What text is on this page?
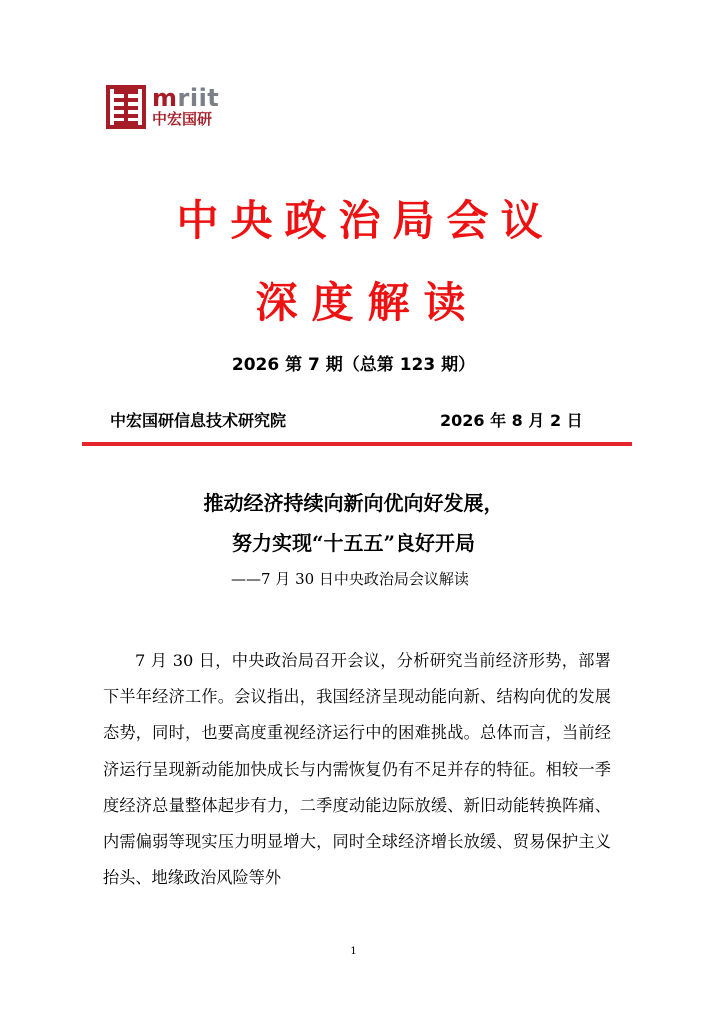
mriit
中宏国研
中央政治局会议
深度解读
2026 第 7 期（总第 123 期）
中宏国研信息技术研究院	2026 年 8 月 2 日
推动经济持续向新向优向好发展，
努力实现“十五五”良好开局
——7 月 30 日中央政治局会议解读

7 月 30 日，中央政治局召开会议，分析研究当前经济形势，部署下半年经济工作。会议指出，我国经济呈现动能向新、结构向优的发展态势，同时，也要高度重视经济运行中的困难挑战。总体而言，当前经济运行呈现新动能加快成长与内需恢复仍有不足并存的特征。相较一季度经济总量整体起步有力，二季度动能边际放缓、新旧动能转换阵痛、内需偏弱等现实压力明显增大，同时全球经济增长放缓、贸易保护主义抬头、地缘政治风险等外

1
